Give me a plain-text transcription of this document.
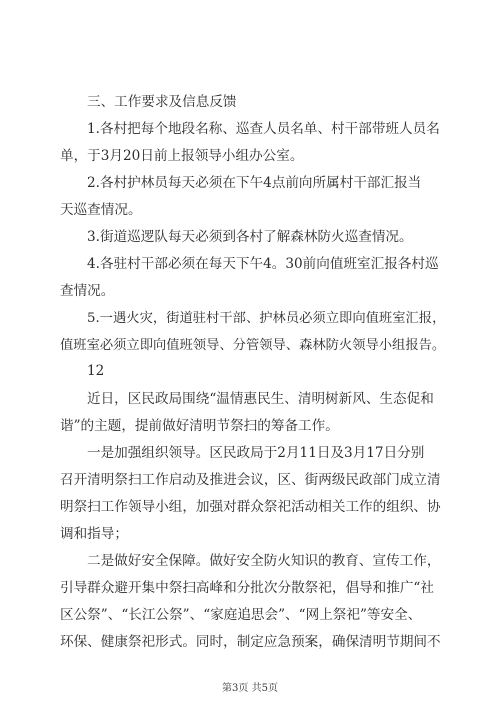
三、工作要求及信息反馈
1.各村把每个地段名称、巡查人员名单、村干部带班人员名
单，于3月20日前上报领导小组办公室。
2.各村护林员每天必须在下午4点前向所属村干部汇报当
天巡查情况。
3.街道巡逻队每天必须到各村了解森林防火巡查情况。
4.各驻村干部必须在每天下午4。30前向值班室汇报各村巡
查情况。
5.一遇火灾，街道驻村干部、护林员必须立即向值班室汇报，
值班室必须立即向值班领导、分管领导、森林防火领导小组报告。
12
近日，区民政局围绕“温情惠民生、清明树新风、生态促和
谐”的主题，提前做好清明节祭扫的筹备工作。
一是加强组织领导。区民政局于2月11日及3月17日分别
召开清明祭扫工作启动及推进会议，区、街两级民政部门成立清
明祭扫工作领导小组，加强对群众祭祀活动相关工作的组织、协
调和指导；
二是做好安全保障。做好安全防火知识的教育、宣传工作，
引导群众避开集中祭扫高峰和分批次分散祭祀，倡导和推广“社
区公祭”、“长江公祭”、“家庭追思会”、“网上祭祀”等安全、
环保、健康祭祀形式。同时，制定应急预案，确保清明节期间不
第3页 共5页
